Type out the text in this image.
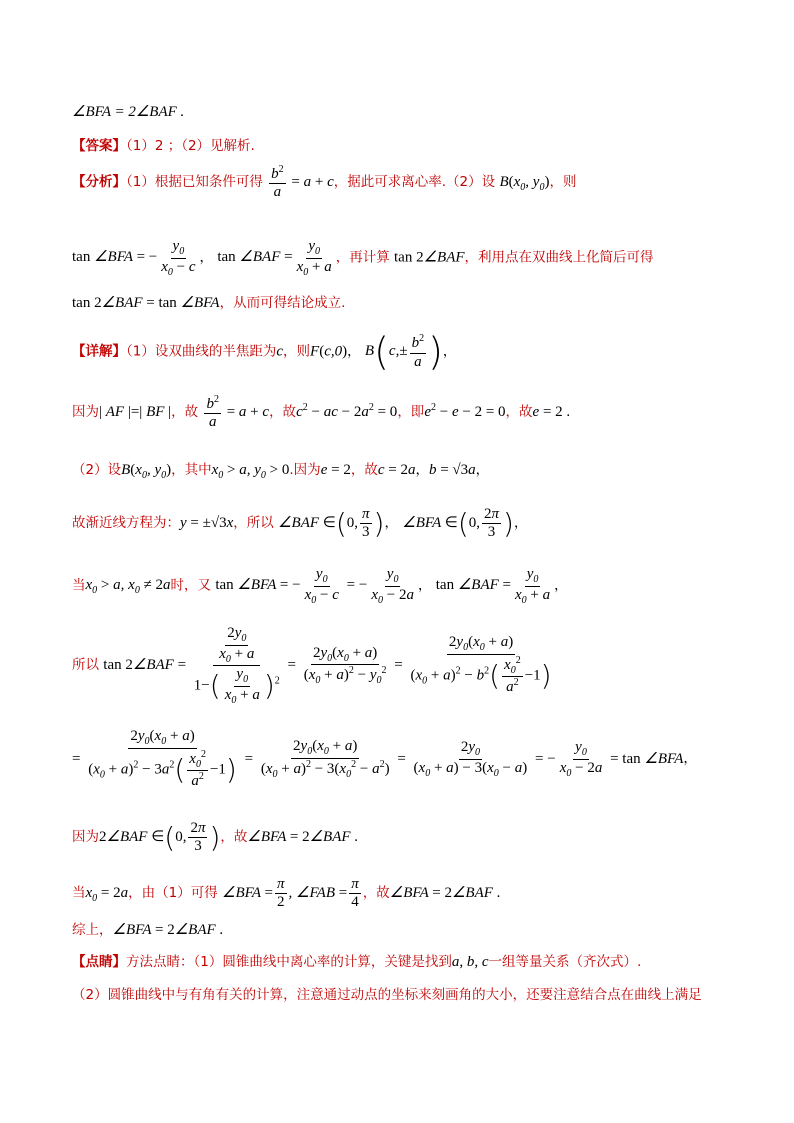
∠BFA = 2∠BAF .
【答案】（1）2 ；（2）见解析.
【分析】（1）根据已知条件可得 $\frac{b^2}{a} = a + c$，据此可求离心率.（2）设 $B(x_0$, $y_0$)，则
tan ∠BFA = − $\frac{y_0}{x_0 - c}$ ， tan ∠BAF = $\frac{y_0}{x_0 + a}$ ，再计算 tan 2∠BAF，利用点在双曲线上化简后可得
tan 2∠BAF = tan ∠BFA，从而可得结论成立.
【详解】（1）设双曲线的半焦距为c，则F(c,0)， $B(c,\pm \frac{b^2}{a}$ )，
因为| AF |=| BF |，故 $\frac{b^2}{a} = a + c$，故$c^2$ − ac − $2a^2 = 0$，即$e^2 - e - 2 = 0$，故e = 2 .
（2）设$B(x_0$, $y_0$)，其中$x_0 > a$, $y_0 > 0$.因为e = 2，故c = 2a，b = √3a，
故渐近线方程为：y = ±√3x，所以 ∠BAF ∈(0, $\frac{\pi}{3}$ )， ∠BFA ∈(0, $\frac{2\pi}{3}$ )，
当$x_0 > a$, $x_0 \ne 2a$时，又 tan ∠BFA = − $\frac{y_0}{x_0 - c}$ = − $\frac{y_0}{x_0 - 2a}$ ， tan ∠BAF = $\frac{y_0}{x_0 + a}$ ，
所以 tan 2∠BAF = $\frac{\frac{2y_0}{x_0 + a}}{1-( \frac{y_0}{x_0 + a} )^2} = \frac{2y_0(x_0 + a)}{(x_0 + a)^2 - y_0^2} = \frac{2y_0(x_0 + a)}{(x_0 + a)^2 - b^2( \frac{x_0^2}{a^2} -1)}$
= $\frac{2y_0(x_0 + a)}{(x_0 + a)^2 - 3a^2( \frac{x_0^2}{a^2} -1)} = \frac{2y_0(x_0 + a)}{(x_0 + a)^2 - 3(x_0^2 - a^2)} = \frac{2y_0}{(x_0 + a) - 3(x_0 - a)}$ = − $\frac{y_0}{x_0 - 2a} = \tan$ ∠BFA，
因为2∠BAF ∈(0, $\frac{2\pi}{3}$ )，故∠BFA = 2∠BAF .
当$x_0 = 2a$，由（1）可得 ∠BFA = $\frac{\pi}{2}$ , ∠FAB = $\frac{\pi}{4}$ ，故∠BFA = 2∠BAF .
综上，∠BFA = 2∠BAF .
【点睛】方法点睛：（1）圆锥曲线中离心率的计算，关键是找到a, b, c一组等量关系（齐次式）.
（2）圆锥曲线中与有角有关的计算，注意通过动点的坐标来刻画角的大小，还要注意结合点在曲线上满足
